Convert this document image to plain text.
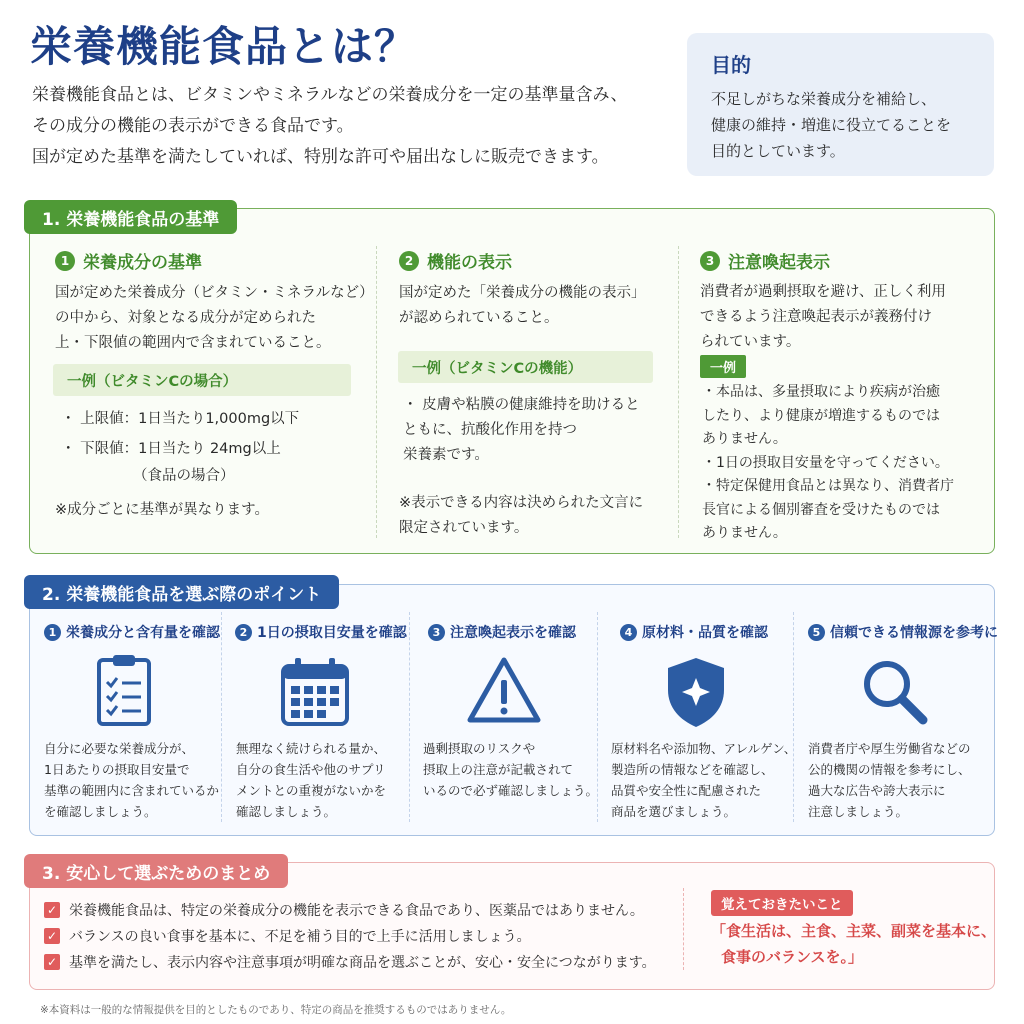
栄養機能食品とは？
栄養機能食品とは、ビタミンやミネラルなどの栄養成分を一定の基準量含み、
その成分の機能の表示ができる食品です。
国が定めた基準を満たしていれば、特別な許可や届出なしに販売できます。
目的
不足しがちな栄養成分を補給し、
健康の維持・増進に役立てることを
目的としています。
1. 栄養機能食品の基準
1 栄養成分の基準
国が定めた栄養成分（ビタミン・ミネラルなど）
の中から、対象となる成分が定められた
上・下限値の範囲内で含まれていること。
一例（ビタミンCの場合）
・ 上限値：1日当たり1,000mg以下
・ 下限値：1日当たり 24mg以上
（食品の場合）
※成分ごとに基準が異なります。
2 機能の表示
国が定めた「栄養成分の機能の表示」
が認められていること。
一例（ビタミンCの機能）
・ 皮膚や粘膜の健康維持を助けると
ともに、抗酸化作用を持つ
栄養素です。
※表示できる内容は決められた文言に
限定されています。
3 注意喚起表示
消費者が過剰摂取を避け、正しく利用
できるよう注意喚起表示が義務付け
られています。
一例
・本品は、多量摂取により疾病が治癒
したり、より健康が増進するものでは
ありません。
・1日の摂取目安量を守ってください。
・特定保健用食品とは異なり、消費者庁
長官による個別審査を受けたものでは
ありません。
2. 栄養機能食品を選ぶ際のポイント
1 栄養成分と含有量を確認
自分に必要な栄養成分が、
1日あたりの摂取目安量で
基準の範囲内に含まれているか
を確認しましょう。
2 1日の摂取目安量を確認
無理なく続けられる量か、
自分の食生活や他のサプリ
メントとの重複がないかを
確認しましょう。
3 注意喚起表示を確認
過剰摂取のリスクや
摂取上の注意が記載されて
いるので必ず確認しましょう。
4 原材料・品質を確認
原材料名や添加物、アレルゲン、
製造所の情報などを確認し、
品質や安全性に配慮された
商品を選びましょう。
5 信頼できる情報源を参考に
消費者庁や厚生労働省などの
公的機関の情報を参考にし、
過大な広告や誇大表示に
注意しましょう。
3. 安心して選ぶためのまとめ
✓ 栄養機能食品は、特定の栄養成分の機能を表示できる食品であり、医薬品ではありません。
✓ バランスの良い食事を基本に、不足を補う目的で上手に活用しましょう。
✓ 基準を満たし、表示内容や注意事項が明確な商品を選ぶことが、安心・安全につながります。
覚えておきたいこと
「食生活は、主食、主菜、副菜を基本に、
食事のバランスを。」
※本資料は一般的な情報提供を目的としたものであり、特定の商品を推奨するものではありません。
